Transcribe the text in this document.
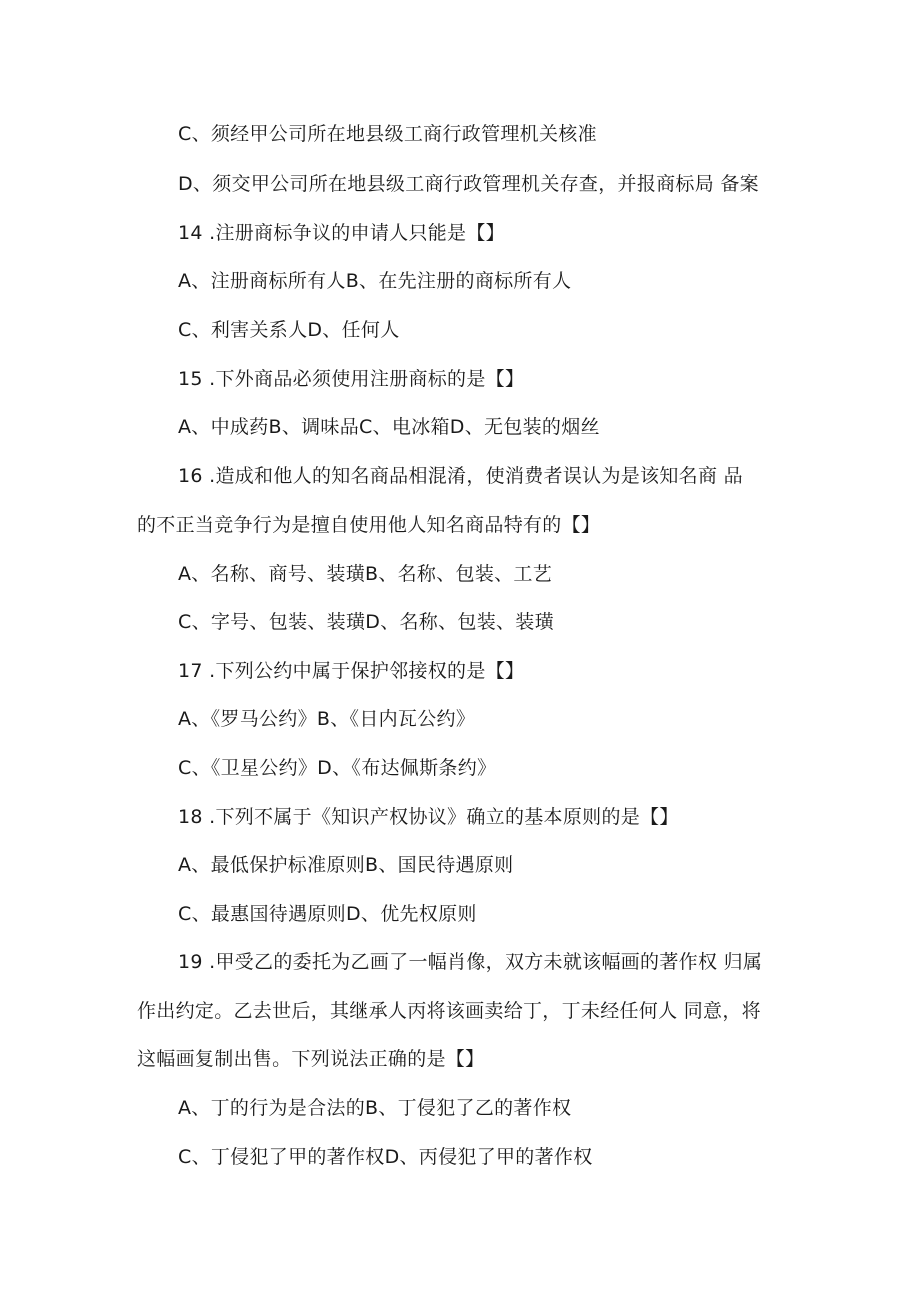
C、须经甲公司所在地县级工商行政管理机关核准
D、须交甲公司所在地县级工商行政管理机关存查，并报商标局 备案
14 .注册商标争议的申请人只能是【】
A、注册商标所有人B、在先注册的商标所有人
C、利害关系人D、任何人
15 .下外商品必须使用注册商标的是【】
A、中成药B、调味品C、电冰箱D、无包装的烟丝
16 .造成和他人的知名商品相混淆，使消费者误认为是该知名商 品
的不正当竞争行为是擅自使用他人知名商品特有的【】
A、名称、商号、装璜B、名称、包装、工艺
C、字号、包装、装璜D、名称、包装、装璜
17 .下列公约中属于保护邻接权的是【】
A、《罗马公约》B、《日内瓦公约》
C、《卫星公约》D、《布达佩斯条约》
18 .下列不属于《知识产权协议》确立的基本原则的是【】
A、最低保护标准原则B、国民待遇原则
C、最惠国待遇原则D、优先权原则
19 .甲受乙的委托为乙画了一幅肖像，双方未就该幅画的著作权 归属
作出约定。乙去世后，其继承人丙将该画卖给丁，丁未经任何人 同意，将
这幅画复制出售。下列说法正确的是【】
A、丁的行为是合法的B、丁侵犯了乙的著作权
C、丁侵犯了甲的著作权D、丙侵犯了甲的著作权
